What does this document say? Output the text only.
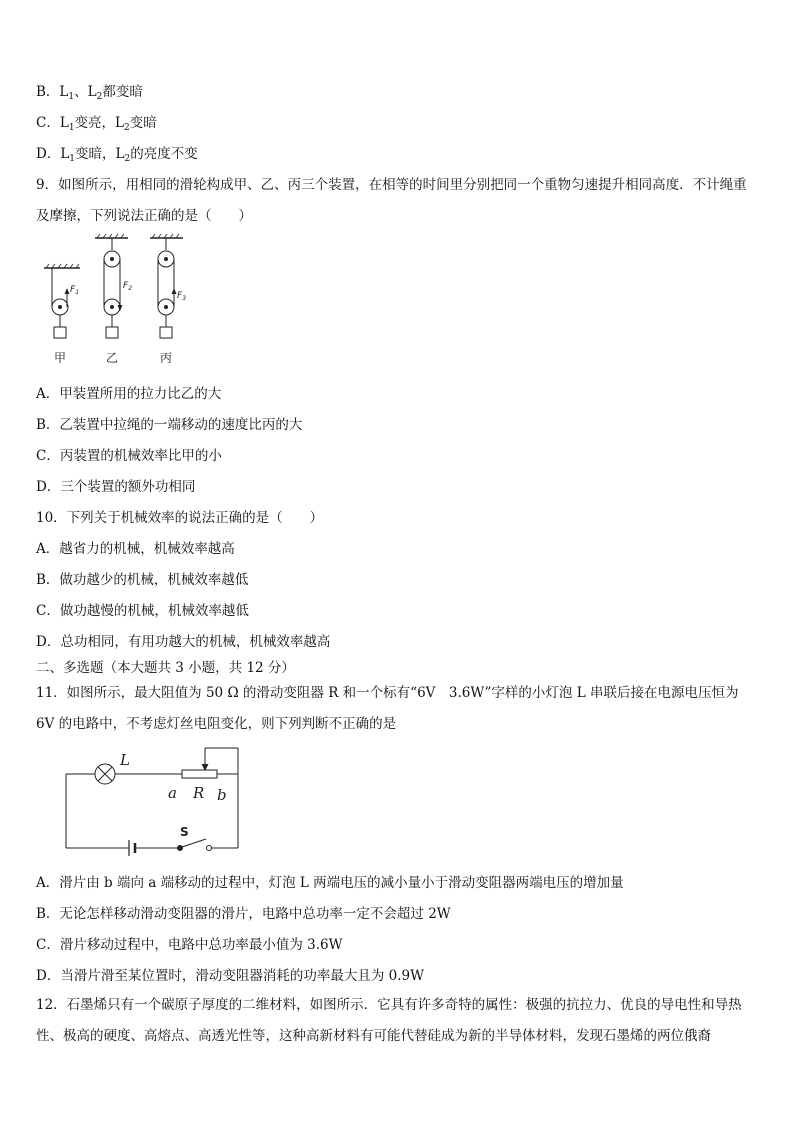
B．$L_1$、$L_2$都变暗
C．$L_1$变亮，$L_2$变暗
D．$L_1$变暗，$L_2$的亮度不变
9．如图所示，用相同的滑轮构成甲、乙、丙三个装置，在相等的时间里分别把同一个重物匀速提升相同高度．不计绳重及摩擦，下列说法正确的是（　　）
$F_1$
$F_2$
$F_3$
甲	乙	丙
A．甲装置所用的拉力比乙的大
B．乙装置中拉绳的一端移动的速度比丙的大
C．丙装置的机械效率比甲的小
D．三个装置的额外功相同
10．下列关于机械效率的说法正确的是（　　）
A．越省力的机械，机械效率越高
B．做功越少的机械，机械效率越低
C．做功越慢的机械，机械效率越低
D．总功相同，有用功越大的机械，机械效率越高
二、多选题（本大题共 3 小题，共 12 分）
11．如图所示，最大阻值为 50 Ω 的滑动变阻器 R 和一个标有“6V　3.6W”字样的小灯泡 L 串联后接在电源电压恒为 6V 的电路中，不考虑灯丝电阻变化，则下列判断不正确的是
L
a R b
S
A．滑片由 b 端向 a 端移动的过程中，灯泡 L 两端电压的减小量小于滑动变阻器两端电压的增加量
B．无论怎样移动滑动变阻器的滑片，电路中总功率一定不会超过 2W
C．滑片移动过程中，电路中总功率最小值为 3.6W
D．当滑片滑至某位置时，滑动变阻器消耗的功率最大且为 0.9W
12．石墨烯只有一个碳原子厚度的二维材料，如图所示．它具有许多奇特的属性：极强的抗拉力、优良的导电性和导热性、极高的硬度、高熔点、高透光性等，这种高新材料有可能代替硅成为新的半导体材料，发现石墨烯的两位俄裔
